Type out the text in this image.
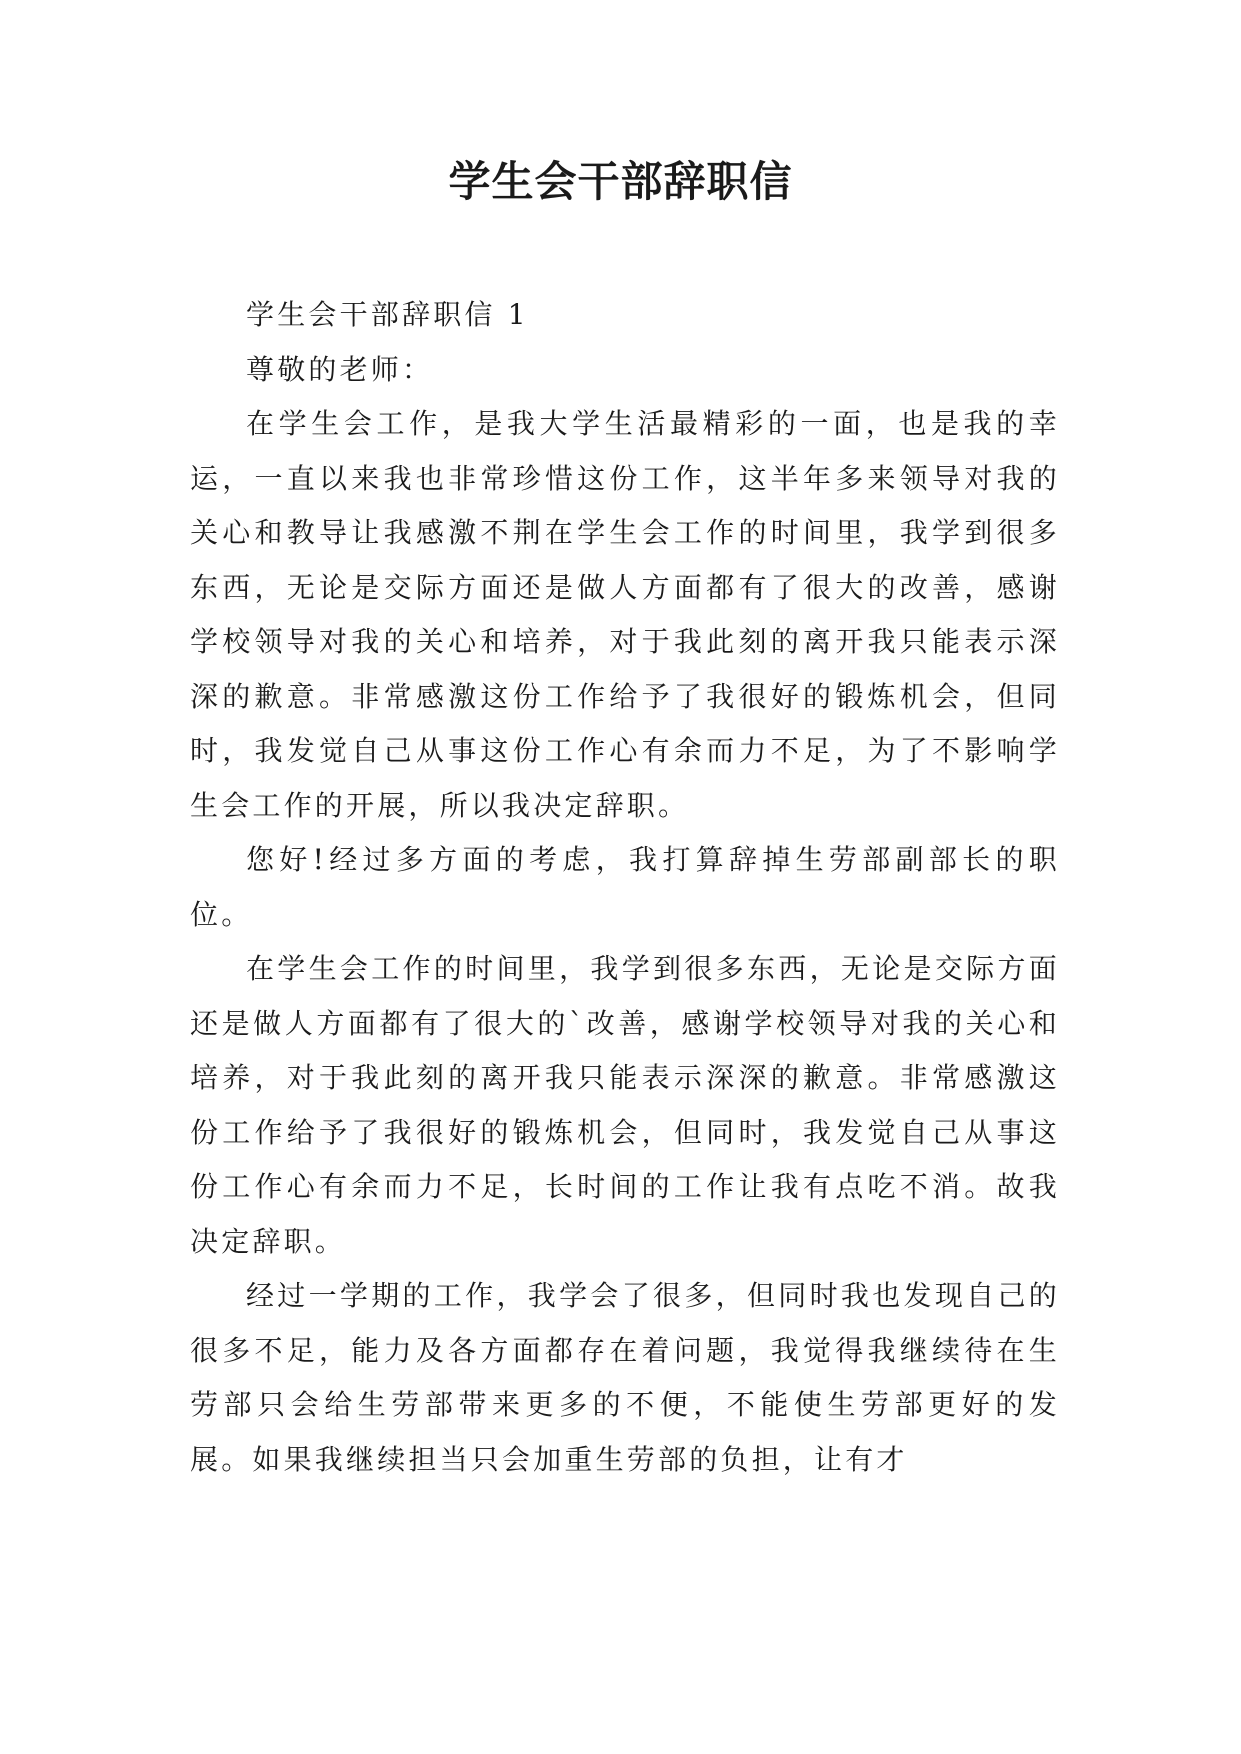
学生会干部辞职信

学生会干部辞职信 1

尊敬的老师：

在学生会工作，是我大学生活最精彩的一面，也是我的幸运，一直以来我也非常珍惜这份工作，这半年多来领导对我的关心和教导让我感激不荆在学生会工作的时间里，我学到很多东西，无论是交际方面还是做人方面都有了很大的改善，感谢学校领导对我的关心和培养，对于我此刻的离开我只能表示深深的歉意。非常感激这份工作给予了我很好的锻炼机会，但同时，我发觉自己从事这份工作心有余而力不足，为了不影响学生会工作的开展，所以我决定辞职。

您好!经过多方面的考虑，我打算辞掉生劳部副部长的职位。

在学生会工作的时间里，我学到很多东西，无论是交际方面还是做人方面都有了很大的`改善，感谢学校领导对我的关心和培养，对于我此刻的离开我只能表示深深的歉意。非常感激这份工作给予了我很好的锻炼机会，但同时，我发觉自己从事这份工作心有余而力不足，长时间的工作让我有点吃不消。故我决定辞职。

经过一学期的工作，我学会了很多，但同时我也发现自己的很多不足，能力及各方面都存在着问题，我觉得我继续待在生劳部只会给生劳部带来更多的不便，不能使生劳部更好的发展。如果我继续担当只会加重生劳部的负担，让有才
